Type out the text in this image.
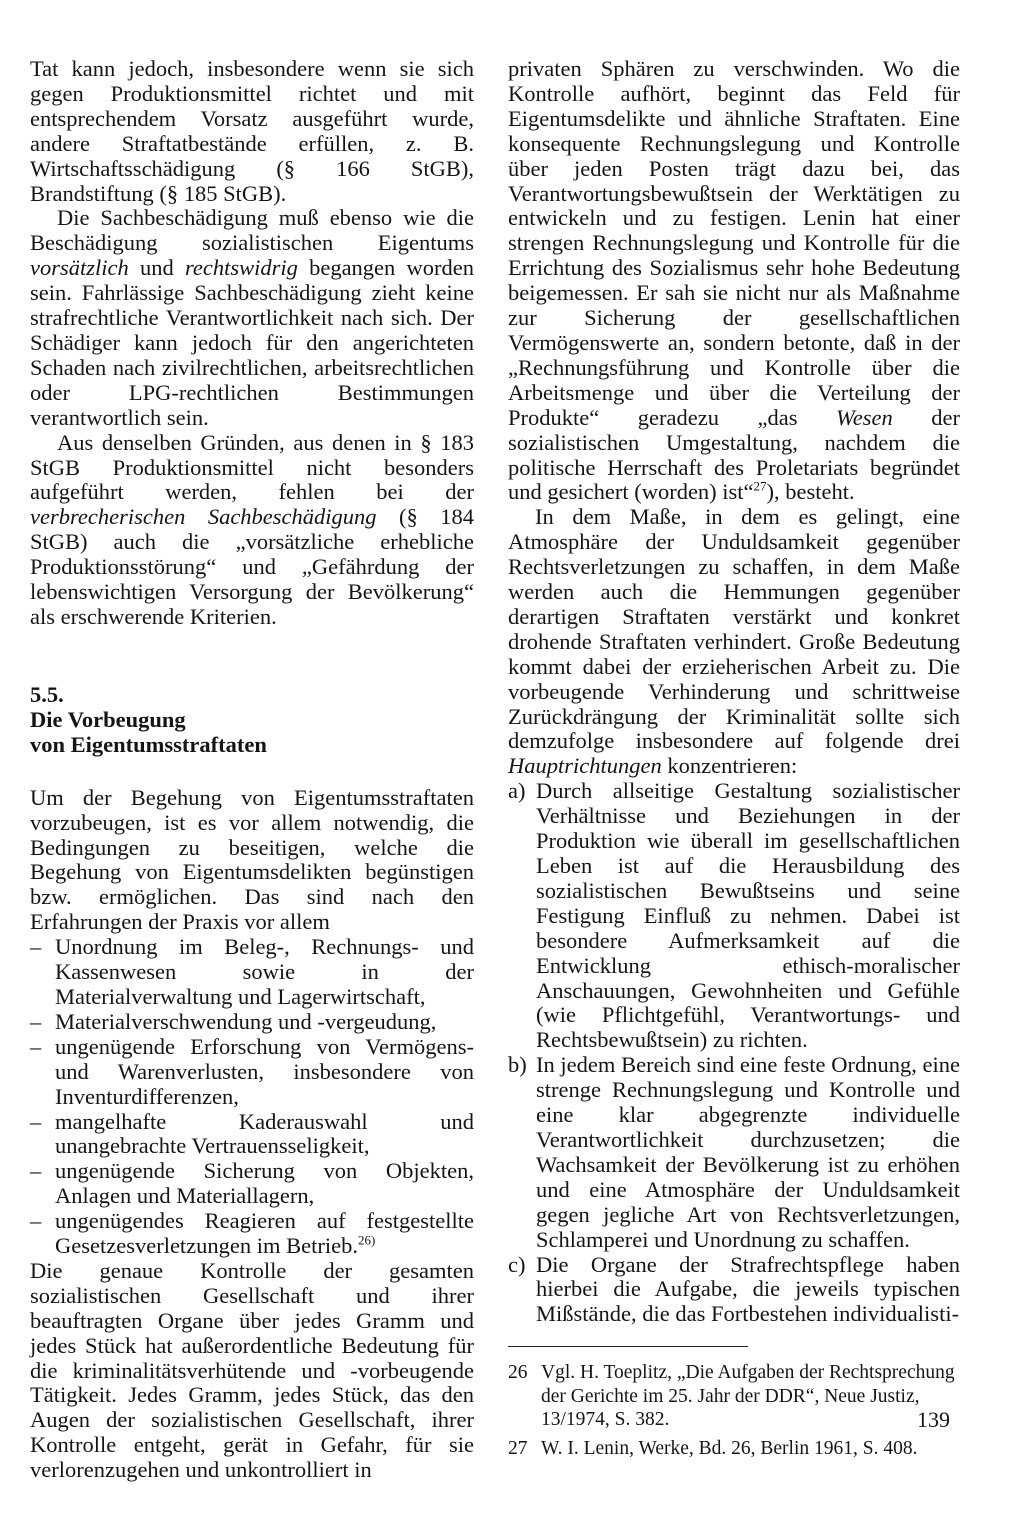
Tat kann jedoch, insbesondere wenn sie sich gegen Produktionsmittel richtet und mit entsprechendem Vorsatz ausgeführt wurde, andere Straftatbestände erfüllen, z. B. Wirtschaftsschädigung (§ 166 StGB), Brandstiftung (§ 185 StGB).

Die Sachbeschädigung muß ebenso wie die Beschädigung sozialistischen Eigentums vorsätzlich und rechtswidrig begangen worden sein. Fahrlässige Sachbeschädigung zieht keine strafrechtliche Verantwortlichkeit nach sich. Der Schädiger kann jedoch für den angerichteten Schaden nach zivilrechtlichen, arbeitsrechtlichen oder LPG-rechtlichen Bestimmungen verantwortlich sein.

Aus denselben Gründen, aus denen in § 183 StGB Produktionsmittel nicht besonders aufgeführt werden, fehlen bei der verbrecherischen Sachbeschädigung (§ 184 StGB) auch die „vorsätzliche erhebliche Produktionsstörung“ und „Gefährdung der lebenswichtigen Versorgung der Bevölkerung“ als erschwerende Kriterien.

5.5.
Die Vorbeugung
von Eigentumsstraftaten

Um der Begehung von Eigentumsstraftaten vorzubeugen, ist es vor allem notwendig, die Bedingungen zu beseitigen, welche die Begehung von Eigentumsdelikten begünstigen bzw. ermöglichen. Das sind nach den Erfahrungen der Praxis vor allem

– Unordnung im Beleg-, Rechnungs- und Kassenwesen sowie in der Materialverwaltung und Lagerwirtschaft,
– Materialverschwendung und -vergeudung,
– ungenügende Erforschung von Vermögens- und Warenverlusten, insbesondere von Inventurdifferenzen,
– mangelhafte Kaderauswahl und unangebrachte Vertrauensseligkeit,
– ungenügende Sicherung von Objekten, Anlagen und Materiallagern,
– ungenügendes Reagieren auf festgestellte Gesetzesverletzungen im Betrieb.$^{26)}$

Die genaue Kontrolle der gesamten sozialistischen Gesellschaft und ihrer beauftragten Organe über jedes Gramm und jedes Stück hat außerordentliche Bedeutung für die kriminalitätsverhütende und -vorbeugende Tätigkeit. Jedes Gramm, jedes Stück, das den Augen der sozialistischen Gesellschaft, ihrer Kontrolle entgeht, gerät in Gefahr, für sie verlorenzugehen und unkontrolliert in

privaten Sphären zu verschwinden. Wo die Kontrolle aufhört, beginnt das Feld für Eigentumsdelikte und ähnliche Straftaten. Eine konsequente Rechnungslegung und Kontrolle über jeden Posten trägt dazu bei, das Verantwortungsbewußtsein der Werktätigen zu entwickeln und zu festigen. Lenin hat einer strengen Rechnungslegung und Kontrolle für die Errichtung des Sozialismus sehr hohe Bedeutung beigemessen. Er sah sie nicht nur als Maßnahme zur Sicherung der gesellschaftlichen Vermögenswerte an, sondern betonte, daß in der „Rechnungsführung und Kontrolle über die Arbeitsmenge und über die Verteilung der Produkte“ geradezu „das Wesen der sozialistischen Umgestaltung, nachdem die politische Herrschaft des Proletariats begründet und gesichert (worden) ist“$^{27}$), besteht.

In dem Maße, in dem es gelingt, eine Atmosphäre der Unduldsamkeit gegenüber Rechtsverletzungen zu schaffen, in dem Maße werden auch die Hemmungen gegenüber derartigen Straftaten verstärkt und konkret drohende Straftaten verhindert. Große Bedeutung kommt dabei der erzieherischen Arbeit zu. Die vorbeugende Verhinderung und schrittweise Zurückdrängung der Kriminalität sollte sich demzufolge insbesondere auf folgende drei Hauptrichtungen konzentrieren:

a) Durch allseitige Gestaltung sozialistischer Verhältnisse und Beziehungen in der Produktion wie überall im gesellschaftlichen Leben ist auf die Herausbildung des sozialistischen Bewußtseins und seine Festigung Einfluß zu nehmen. Dabei ist besondere Aufmerksamkeit auf die Entwicklung ethisch-moralischer Anschauungen, Gewohnheiten und Gefühle (wie Pflichtgefühl, Verantwortungs- und Rechtsbewußtsein) zu richten.
b) In jedem Bereich sind eine feste Ordnung, eine strenge Rechnungslegung und Kontrolle und eine klar abgegrenzte individuelle Verantwortlichkeit durchzusetzen; die Wachsamkeit der Bevölkerung ist zu erhöhen und eine Atmosphäre der Unduldsamkeit gegen jegliche Art von Rechtsverletzungen, Schlamperei und Unordnung zu schaffen.
c) Die Organe der Strafrechtspflege haben hierbei die Aufgabe, die jeweils typischen Mißstände, die das Fortbestehen individualisti-
26 Vgl. H. Toeplitz, „Die Aufgaben der Rechtsprechung der Gerichte im 25. Jahr der DDR“, Neue Justiz, 13/1974, S. 382.
27 W. I. Lenin, Werke, Bd. 26, Berlin 1961, S. 408.
139
